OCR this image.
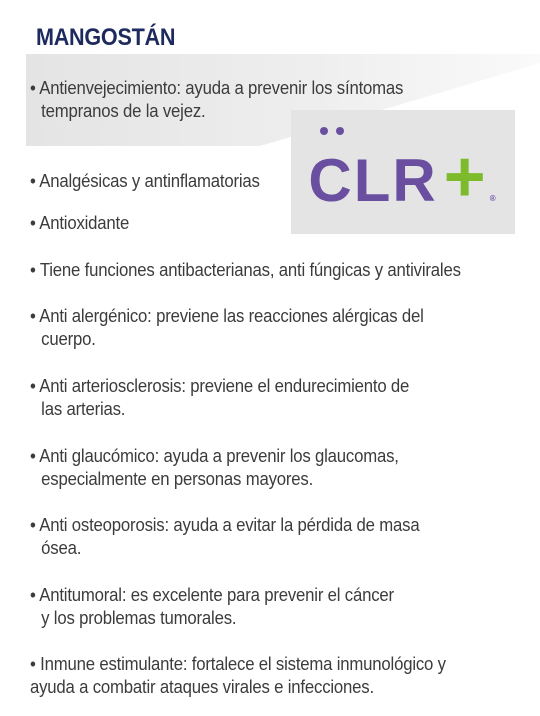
MANGOSTÁN
CLR + ®
• Antienvejecimiento: ayuda a prevenir los síntomas
tempranos de la vejez.
• Analgésicas y antinflamatorias
• Antioxidante
• Tiene funciones antibacterianas, anti fúngicas y antivirales
• Anti alergénico: previene las reacciones alérgicas del
cuerpo.
• Anti arteriosclerosis: previene el endurecimiento de
las arterias.
• Anti glaucómico: ayuda a prevenir los glaucomas,
especialmente en personas mayores.
• Anti osteoporosis: ayuda a evitar la pérdida de masa
ósea.
• Antitumoral: es excelente para prevenir el cáncer
y los problemas tumorales.
• Inmune estimulante: fortalece el sistema inmunológico y
ayuda a combatir ataques virales e infecciones.
